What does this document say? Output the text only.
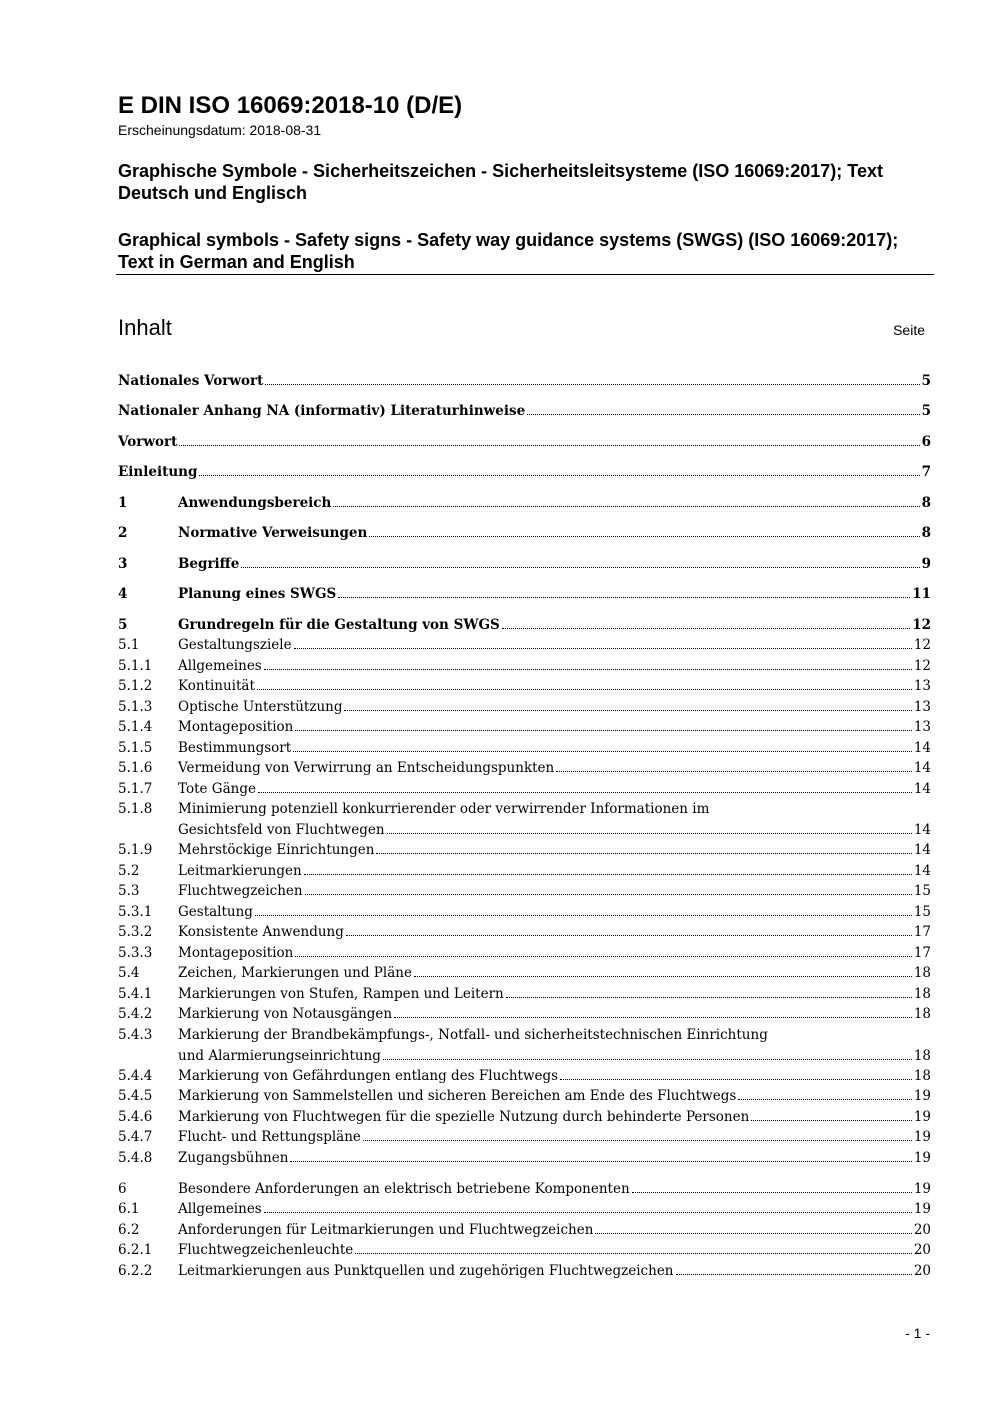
E DIN ISO 16069:2018-10 (D/E)
Erscheinungsdatum: 2018-08-31
Graphische Symbole - Sicherheitszeichen - Sicherheitsleitsysteme (ISO 16069:2017); Text Deutsch und Englisch
Graphical symbols - Safety signs - Safety way guidance systems (SWGS) (ISO 16069:2017); Text in German and English
Inhalt	Seite
Nationales Vorwort	5
Nationaler Anhang NA (informativ) Literaturhinweise	5
Vorwort	6
Einleitung	7
1	Anwendungsbereich	8
2	Normative Verweisungen	8
3	Begriffe	9
4	Planung eines SWGS	11
5	Grundregeln für die Gestaltung von SWGS	12
5.1	Gestaltungsziele	12
5.1.1	Allgemeines	12
5.1.2	Kontinuität	13
5.1.3	Optische Unterstützung	13
5.1.4	Montageposition	13
5.1.5	Bestimmungsort	14
5.1.6	Vermeidung von Verwirrung an Entscheidungspunkten	14
5.1.7	Tote Gänge	14
5.1.8	Minimierung potenziell konkurrierender oder verwirrender Informationen im
Gesichtsfeld von Fluchtwegen	14
5.1.9	Mehrstöckige Einrichtungen	14
5.2	Leitmarkierungen	14
5.3	Fluchtwegzeichen	15
5.3.1	Gestaltung	15
5.3.2	Konsistente Anwendung	17
5.3.3	Montageposition	17
5.4	Zeichen, Markierungen und Pläne	18
5.4.1	Markierungen von Stufen, Rampen und Leitern	18
5.4.2	Markierung von Notausgängen	18
5.4.3	Markierung der Brandbekämpfungs-, Notfall- und sicherheitstechnischen Einrichtung
und Alarmierungseinrichtung	18
5.4.4	Markierung von Gefährdungen entlang des Fluchtwegs	18
5.4.5	Markierung von Sammelstellen und sicheren Bereichen am Ende des Fluchtwegs	19
5.4.6	Markierung von Fluchtwegen für die spezielle Nutzung durch behinderte Personen	19
5.4.7	Flucht- und Rettungspläne	19
5.4.8	Zugangsbühnen	19
6	Besondere Anforderungen an elektrisch betriebene Komponenten	19
6.1	Allgemeines	19
6.2	Anforderungen für Leitmarkierungen und Fluchtwegzeichen	20
6.2.1	Fluchtwegzeichenleuchte	20
6.2.2	Leitmarkierungen aus Punktquellen und zugehörigen Fluchtwegzeichen	20
- 1 -
